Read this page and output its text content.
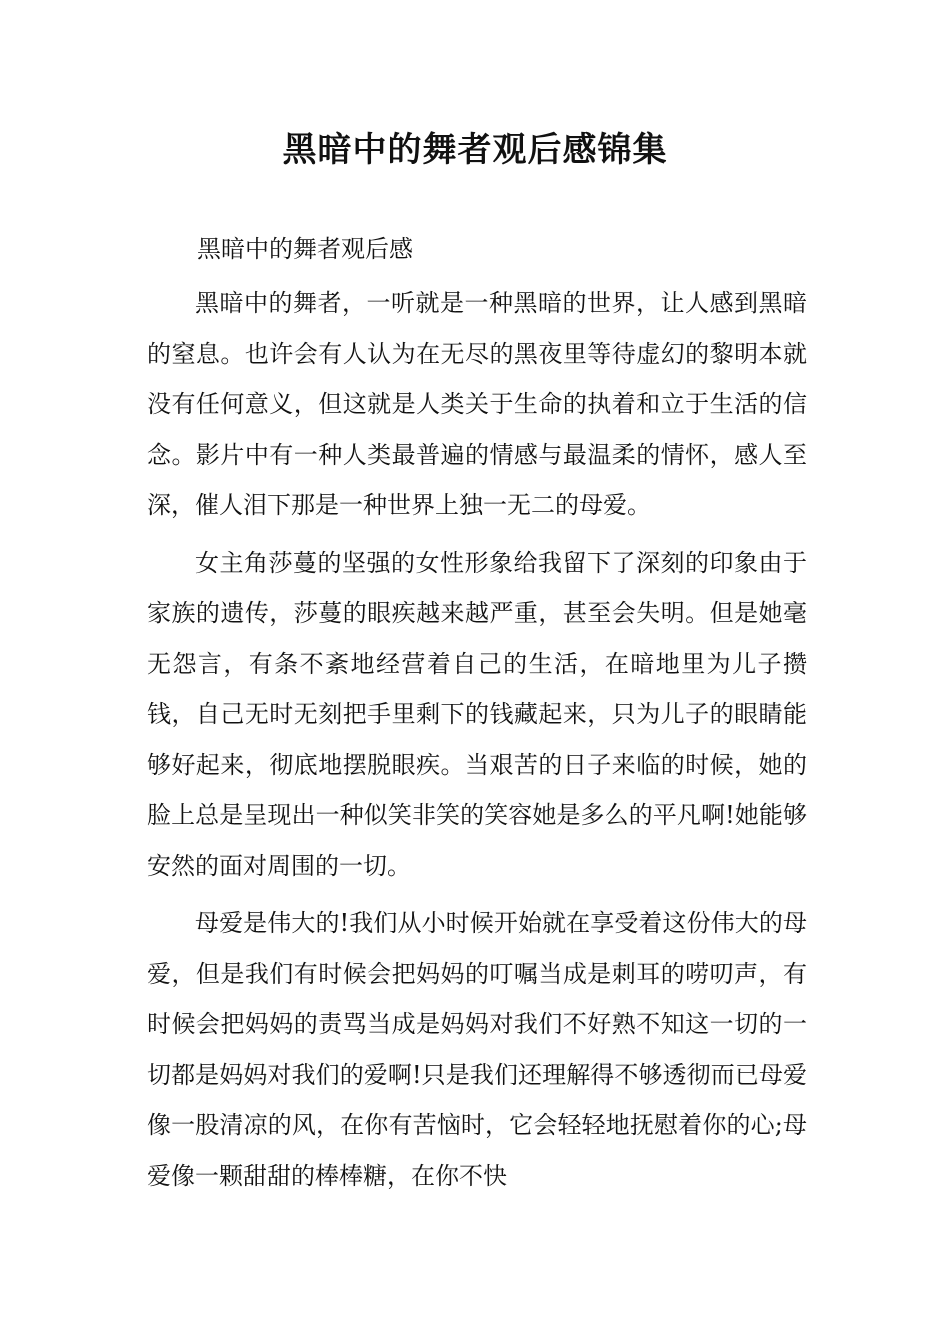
黑暗中的舞者观后感锦集
黑暗中的舞者观后感

黑暗中的舞者，一听就是一种黑暗的世界，让人感到黑暗的窒息。也许会有人认为在无尽的黑夜里等待虚幻的黎明本就没有任何意义，但这就是人类关于生命的执着和立于生活的信念。影片中有一种人类最普遍的情感与最温柔的情怀，感人至深，催人泪下那是一种世界上独一无二的母爱。

女主角莎蔓的坚强的女性形象给我留下了深刻的印象由于家族的遗传，莎蔓的眼疾越来越严重，甚至会失明。但是她毫无怨言，有条不紊地经营着自己的生活，在暗地里为儿子攒钱，自己无时无刻把手里剩下的钱藏起来，只为儿子的眼睛能够好起来，彻底地摆脱眼疾。当艰苦的日子来临的时候，她的脸上总是呈现出一种似笑非笑的笑容她是多么的平凡啊!她能够安然的面对周围的一切。

母爱是伟大的!我们从小时候开始就在享受着这份伟大的母爱，但是我们有时候会把妈妈的叮嘱当成是刺耳的唠叨声，有时候会把妈妈的责骂当成是妈妈对我们不好熟不知这一切的一切都是妈妈对我们的爱啊!只是我们还理解得不够透彻而已母爱像一股清凉的风，在你有苦恼时，它会轻轻地抚慰着你的心;母爱像一颗甜甜的棒棒糖，在你不快
